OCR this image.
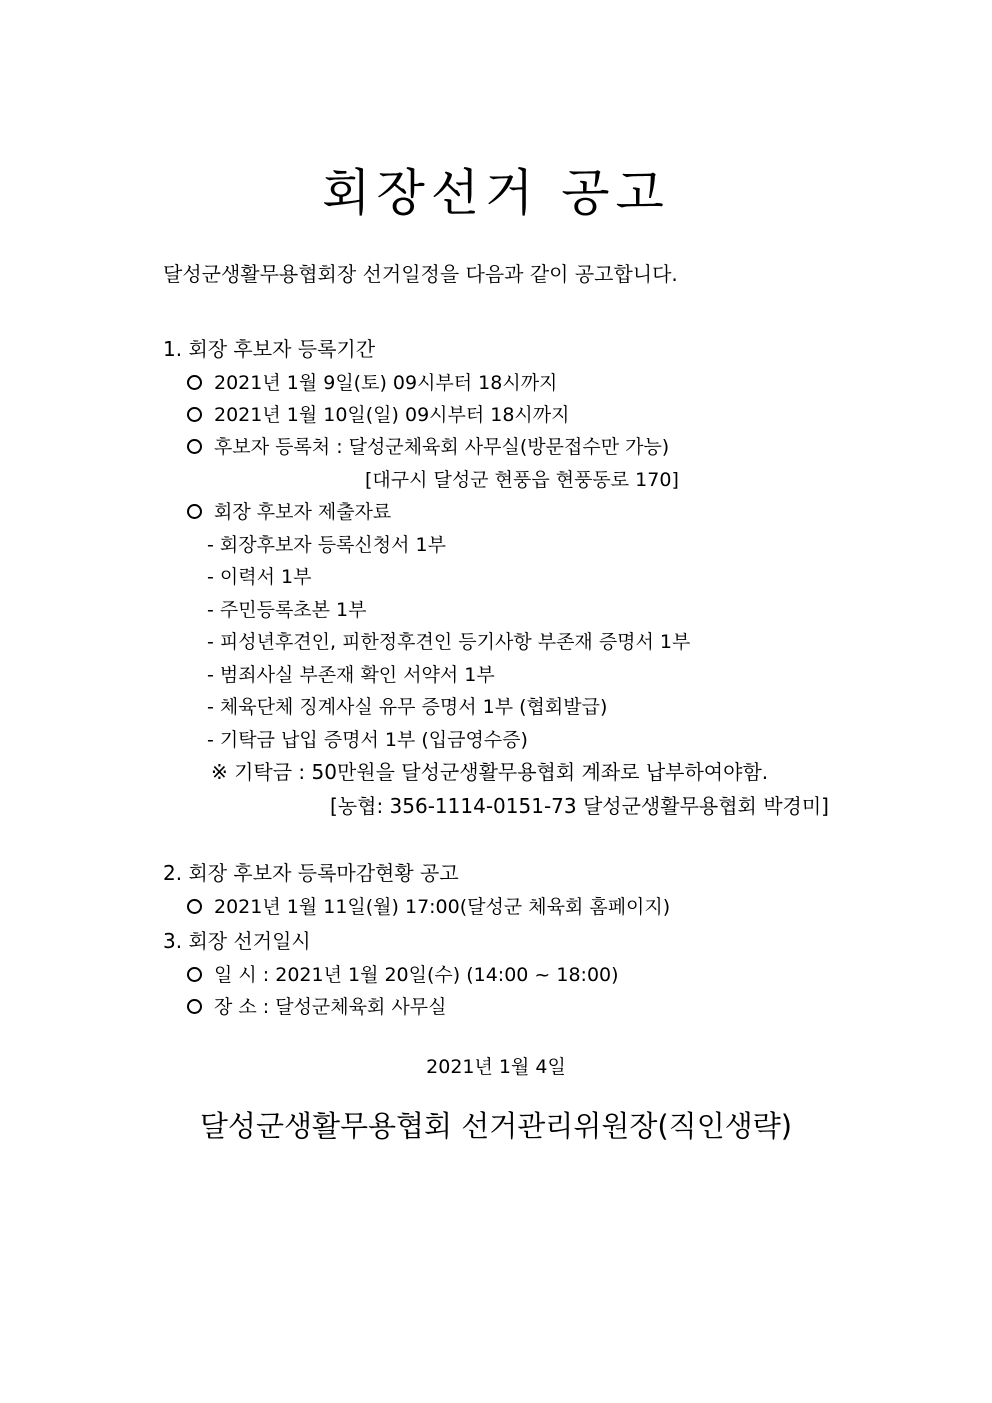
회장선거 공고
달성군생활무용협회장 선거일정을 다음과 같이 공고합니다.
1. 회장 후보자 등록기간
2021년 1월 9일(토) 09시부터 18시까지
2021년 1월 10일(일) 09시부터 18시까지
후보자 등록처 : 달성군체육회 사무실(방문접수만 가능)
[대구시 달성군 현풍읍 현풍동로 170]
회장 후보자 제출자료
- 회장후보자 등록신청서 1부
- 이력서 1부
- 주민등록초본 1부
- 피성년후견인, 피한정후견인 등기사항 부존재 증명서 1부
- 범죄사실 부존재 확인 서약서 1부
- 체육단체 징계사실 유무 증명서 1부 (협회발급)
- 기탁금 납입 증명서 1부 (입금영수증)
※ 기탁금 : 50만원을 달성군생활무용협회 계좌로 납부하여야함.
[농협: 356-1114-0151-73 달성군생활무용협회 박경미]
2. 회장 후보자 등록마감현황 공고
2021년 1월 11일(월) 17:00(달성군 체육회 홈페이지)
3. 회장 선거일시
일 시 : 2021년 1월 20일(수) (14:00 ~ 18:00)
장 소 : 달성군체육회 사무실
2021년 1월 4일
달성군생활무용협회 선거관리위원장(직인생략)
